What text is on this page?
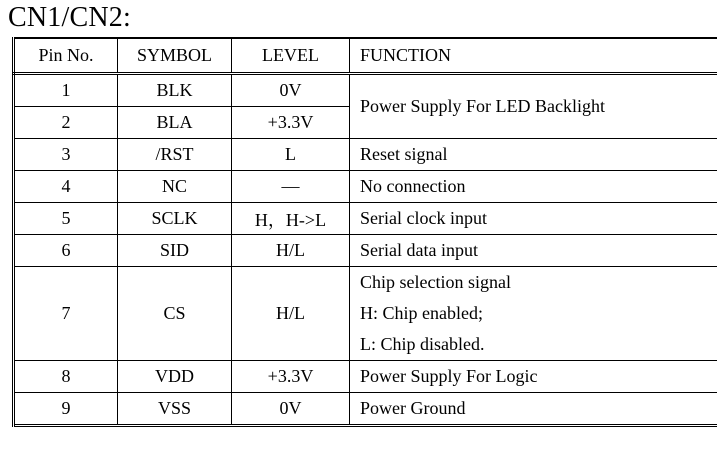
CN1/CN2:
Pin No.	SYMBOL	LEVEL	FUNCTION
1	BLK	0V	Power Supply For LED Backlight

2	BLA	+3.3V	
3	/RST	L	Reset signal

4	NC	—	No connection

5	SCLK	H，H->L	Serial clock input

6	SID	H/L	Serial data input

7	CS	H/L	Chip selection signal
H: Chip enabled;
L: Chip disabled.

8	VDD	+3.3V	Power Supply For Logic

9	VSS	0V	Power Ground
